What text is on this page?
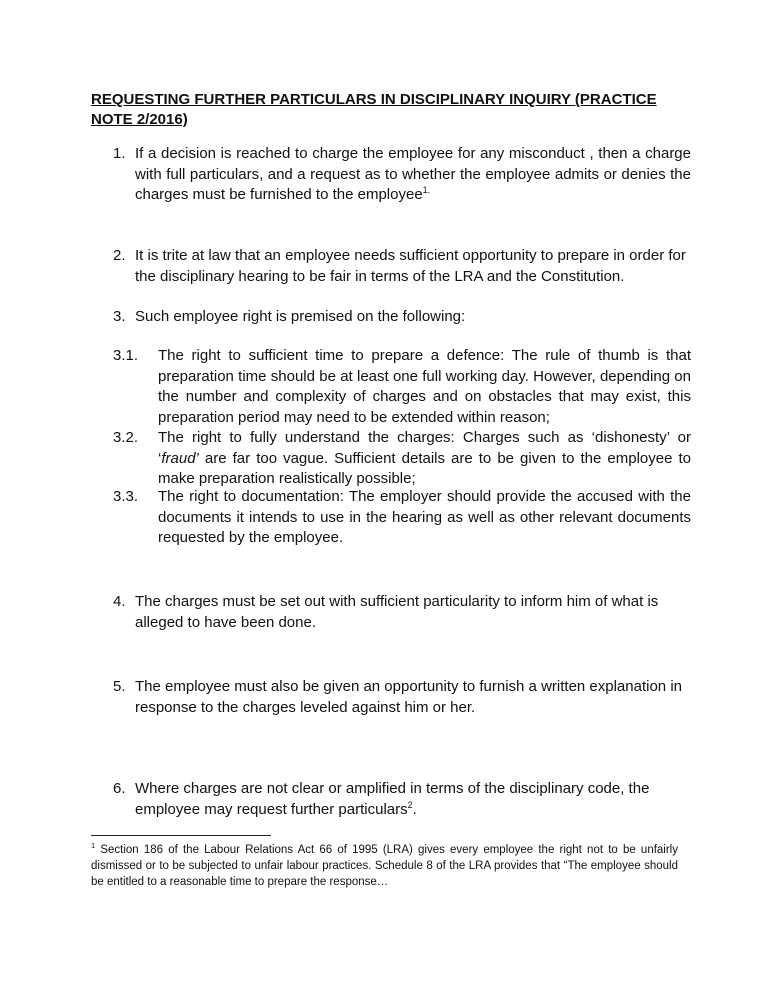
REQUESTING FURTHER PARTICULARS IN DISCIPLINARY INQUIRY (PRACTICE NOTE 2/2016)
1. If a decision is reached to charge the employee for any misconduct , then a charge with full particulars, and a request as to whether the employee admits or denies the charges must be furnished to the employee$^{1.}$
2. It is trite at law that an employee needs sufficient opportunity to prepare in order for the disciplinary hearing to be fair in terms of the LRA and the Constitution.
3. Such employee right is premised on the following:
3.1. The right to sufficient time to prepare a defence: The rule of thumb is that preparation time should be at least one full working day. However, depending on the number and complexity of charges and on obstacles that may exist, this preparation period may need to be extended within reason;
3.2. The right to fully understand the charges: Charges such as ‘dishonesty’ or ‘fraud’ are far too vague. Sufficient details are to be given to the employee to make preparation realistically possible;
3.3. The right to documentation: The employer should provide the accused with the documents it intends to use in the hearing as well as other relevant documents requested by the employee.
4. The charges must be set out with sufficient particularity to inform him of what is alleged to have been done.
5. The employee must also be given an opportunity to furnish a written explanation in response to the charges leveled against him or her.
6. Where charges are not clear or amplified in terms of the disciplinary code, the employee may request further particulars$^2$.
$^1$ Section 186 of the Labour Relations Act 66 of 1995 (LRA) gives every employee the right not to be unfairly dismissed or to be subjected to unfair labour practices. Schedule 8 of the LRA provides that “The employee should be entitled to a reasonable time to prepare the response…
